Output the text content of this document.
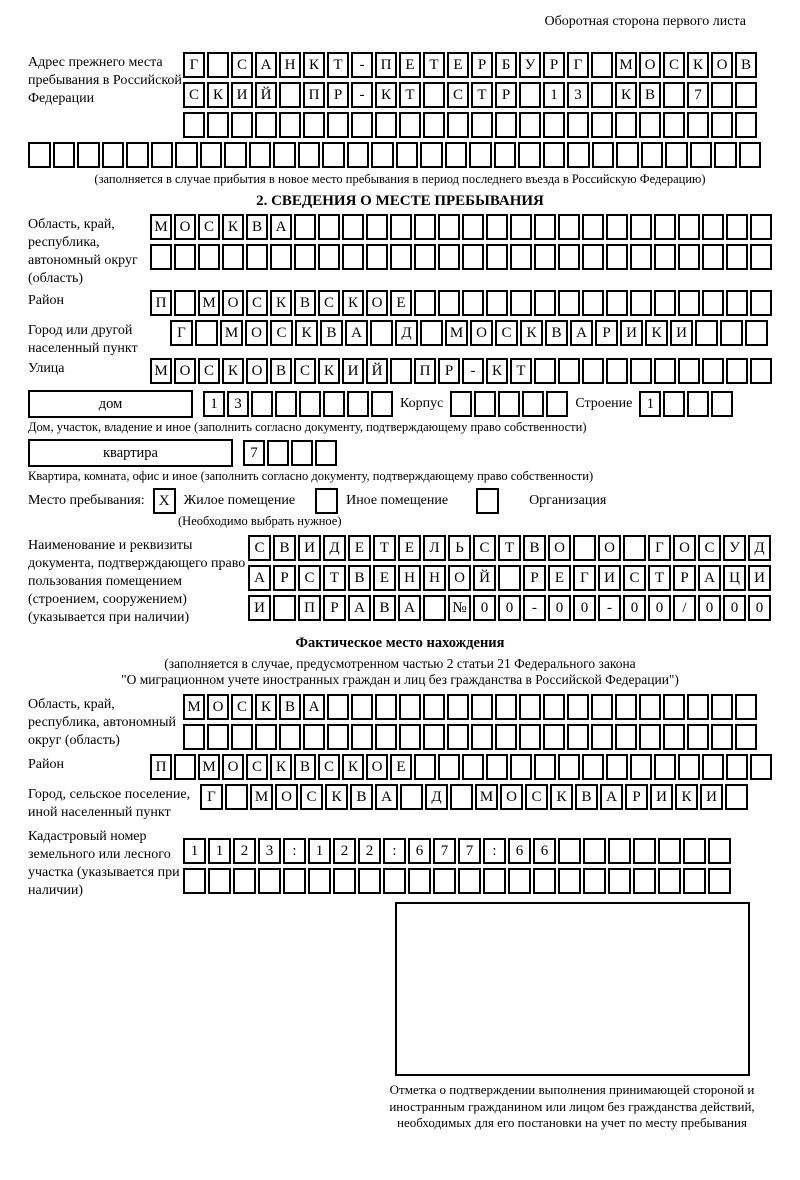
Оборотная сторона первого листа
Адрес прежнего места пребывания в Российской Федерации
Г	С А Н К Т	-	П Е Т Е	Р	Б У Р	Г	М О С К О В
С К И Й	П Р	-	К Т	С Т	Р	1	3	К В	7
(заполняется в случае прибытия в новое место пребывания в период последнего въезда в Российскую Федерацию)
2. СВЕДЕНИЯ О МЕСТЕ ПРЕБЫВАНИЯ
Область, край, республика, автономный округ (область)
М О С К В А
Район	П	М О С К В С К О Е
Город или другой населенный пункт
Г	М О С К В А	Д	М О С К В А	Р	И К И
Улица	М О С К О В С К И Й	П Р	-	К Т
дом	1	3	Корпус	Строение 1
Дом, участок, владение и иное (заполнить согласно документу, подтверждающему право собственности)
квартира	7
Квартира, комната, офис и иное (заполнить согласно документу, подтверждающему право собственности)
Место пребывания: X	Жилое помещение	Иное помещение	Организация
(Необходимо выбрать нужное)
Наименование и реквизиты документа, подтверждающего право пользования помещением (строением, сооружением) (указывается при наличии)
С В И Д	Е	Т	Е	Л	Ь	С	Т	В О	О	Г	О С У Д
А	Р	С	Т	В	Е	Н Н О Й	Р	Е	Г	И С	Т	Р	А Ц И
И	П	Р	А В А	№ 0	0	-	0	0	-	0	0	/	0	0	0
Фактическое место нахождения
(заполняется в случае, предусмотренном частью 2 статьи 21 Федерального закона
"О миграционном учете иностранных граждан и лиц без гражданства в Российской Федерации")
Область, край, республика, автономный округ (область)
М О С К В А
Район	П	М О С К В С К О Е
Город, сельское поселение, иной населенный пункт
Г	М О С К В А	Д	М О С К В А	Р	И К И
Кадастровый номер земельного или лесного участка (указывается при наличии)
1	1	2	3	:	1	2	2	:	6	7	7	:	6	6
Отметка о подтверждении выполнения принимающей стороной и иностранным гражданином или лицом без гражданства действий, необходимых для его постановки на учет по месту пребывания
